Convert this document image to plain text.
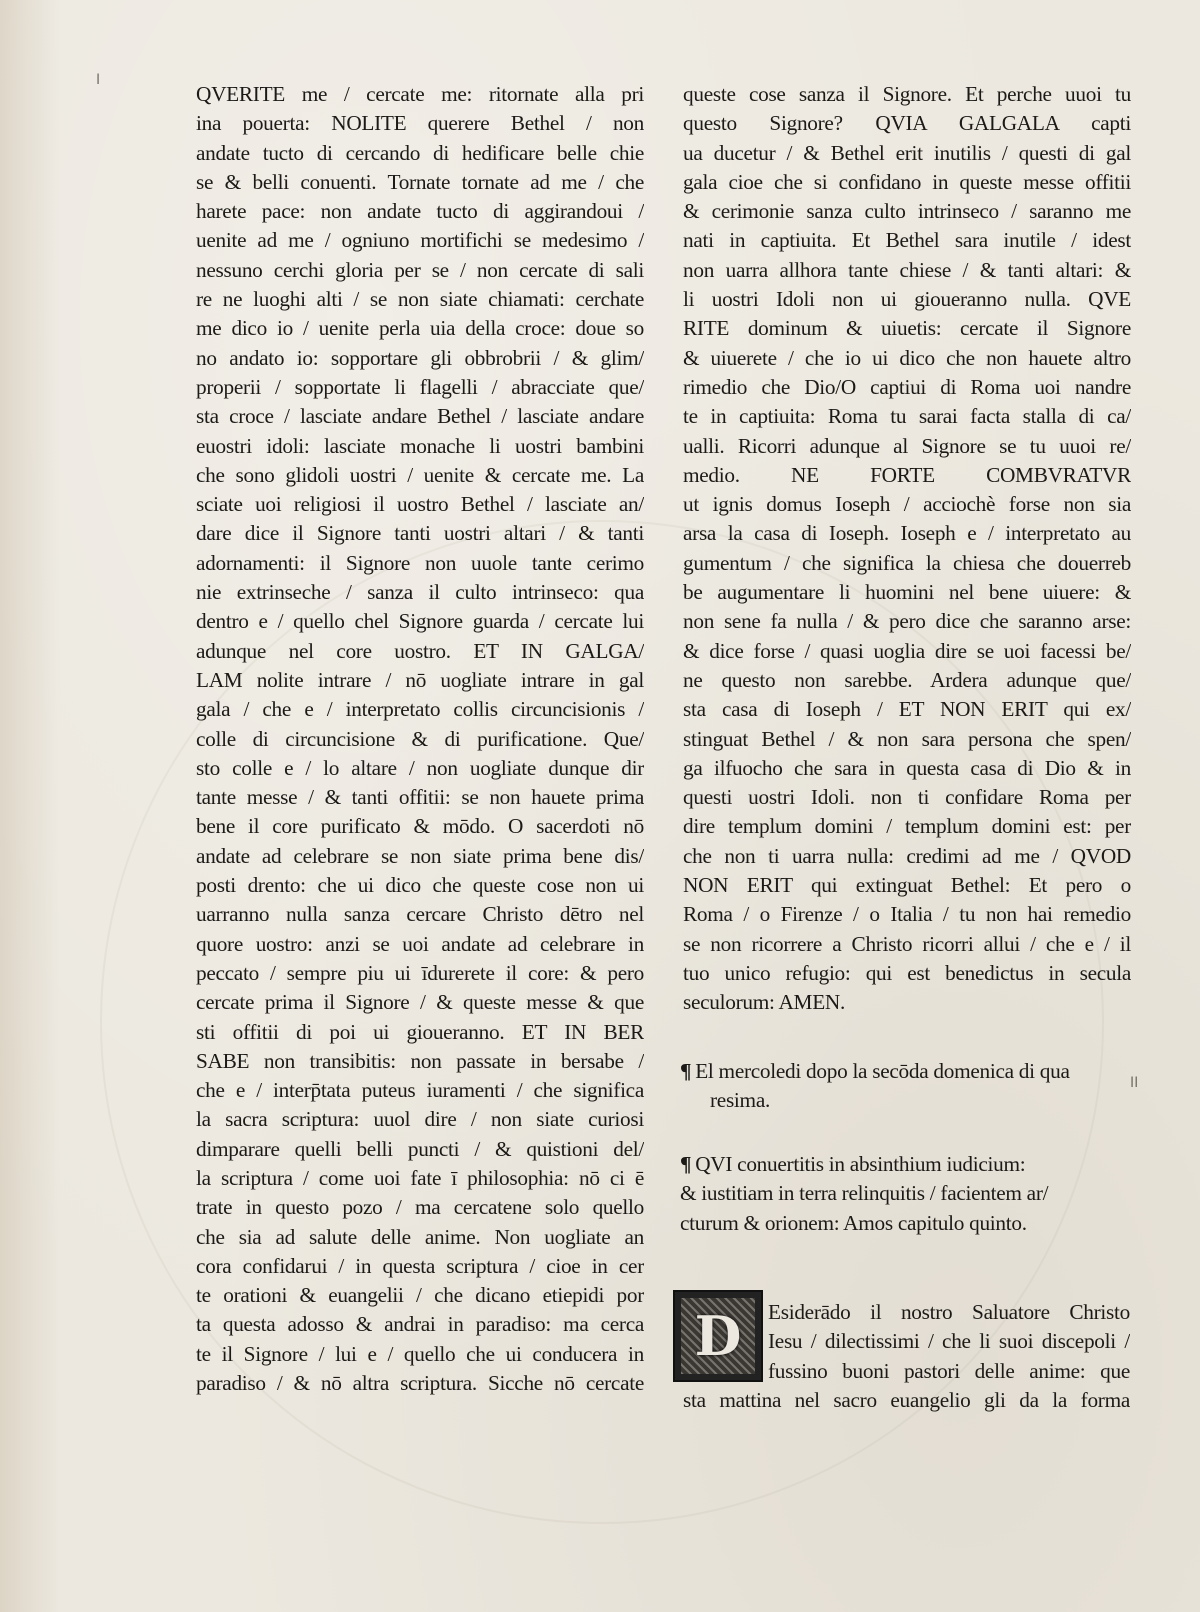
ǀ
ǀǀ
QVERITE me / cercate me: ritornate alla pri
ina pouerta: NOLITE querere Bethel / non
andate tucto di cercando di hedificare belle chie
se & belli conuenti. Tornate tornate ad me / che
harete pace: non andate tucto di aggirandoui /
uenite ad me / ogniuno mortifichi se medesimo /
nessuno cerchi gloria per se / non cercate di sali
re ne luoghi alti / se non siate chiamati: cerchate
me dico io / uenite perla uia della croce: doue so
no andato io: sopportare gli obbrobrii / & glim/
properii / sopportate li flagelli / abracciate que/
sta croce / lasciate andare Bethel / lasciate andare
euostri idoli: lasciate monache li uostri bambini
che sono glidoli uostri / uenite & cercate me. La
sciate uoi religiosi il uostro Bethel / lasciate an/
dare dice il Signore tanti uostri altari / & tanti
adornamenti: il Signore non uuole tante cerimo
nie extrinseche / sanza il culto intrinseco: qua
dentro e / quello chel Signore guarda / cercate lui
adunque nel core uostro. ET IN GALGA/
LAM nolite intrare / nō uogliate intrare in gal
gala / che e / interpretato collis circuncisionis /
colle di circuncisione & di purificatione. Que/
sto colle e / lo altare / non uogliate dunque dir
tante messe / & tanti offitii: se non hauete prima
bene il core purificato & mōdo. O sacerdoti nō
andate ad celebrare se non siate prima bene dis/
posti drento: che ui dico che queste cose non ui
uarranno nulla sanza cercare Christo dētro nel
quore uostro: anzi se uoi andate ad celebrare in
peccato / sempre piu ui īdurerete il core: & pero
cercate prima il Signore / & queste messe & que
sti offitii di poi ui gioueranno. ET IN BER
SABE non transibitis: non passate in bersabe /
che e / interp̄tata puteus iuramenti / che significa
la sacra scriptura: uuol dire / non siate curiosi
dimparare quelli belli puncti / & quistioni del/
la scriptura / come uoi fate ī philosophia: nō ci ē
trate in questo pozo / ma cercatene solo quello
che sia ad salute delle anime. Non uogliate an
cora confidarui / in questa scriptura / cioe in cer
te orationi & euangelii / che dicano etiepidi por
ta questa adosso & andrai in paradiso: ma cerca
te il Signore / lui e / quello che ui conducera in
paradiso / & nō altra scriptura. Sicche nō cercate
queste cose sanza il Signore. Et perche uuoi tu
questo Signore? QVIA GALGALA capti
ua ducetur / & Bethel erit inutilis / questi di gal
gala cioe che si confidano in queste messe offitii
& cerimonie sanza culto intrinseco / saranno me
nati in captiuita. Et Bethel sara inutile / idest
non uarra allhora tante chiese / & tanti altari: &
li uostri Idoli non ui gioueranno nulla. QVE
RITE dominum & uiuetis: cercate il Signore
& uiuerete / che io ui dico che non hauete altro
rimedio che Dio/O captiui di Roma uoi nandre
te in captiuita: Roma tu sarai facta stalla di ca/
ualli. Ricorri adunque al Signore se tu uuoi re/
medio. NE FORTE COMBVRATVR
ut ignis domus Ioseph / acciochè forse non sia
arsa la casa di Ioseph. Ioseph e / interpretato au
gumentum / che significa la chiesa che douerreb
be augumentare li huomini nel bene uiuere: &
non sene fa nulla / & pero dice che saranno arse:
& dice forse / quasi uoglia dire se uoi facessi be/
ne questo non sarebbe. Ardera adunque que/
sta casa di Ioseph / ET NON ERIT qui ex/
stinguat Bethel / & non sara persona che spen/
ga ilfuocho che sara in questa casa di Dio & in
questi uostri Idoli. non ti confidare Roma per
dire templum domini / templum domini est: per
che non ti uarra nulla: credimi ad me / QVOD
NON ERIT qui extinguat Bethel: Et pero o
Roma / o Firenze / o Italia / tu non hai remedio
se non ricorrere a Christo ricorri allui / che e / il
tuo unico refugio: qui est benedictus in secula
seculorum: AMEN.
¶ El mercoledi dopo la secōda domenica di qua
resima.
¶ QVI conuertitis in absinthium iudicium:
& iustitiam in terra relinquitis / facientem ar/
cturum & orionem: Amos capitulo quinto.
D Esiderādo il nostro Saluatore Christo
Iesu / dilectissimi / che li suoi discepoli /
fussino buoni pastori delle anime: que
sta mattina nel sacro euangelio gli da la forma
